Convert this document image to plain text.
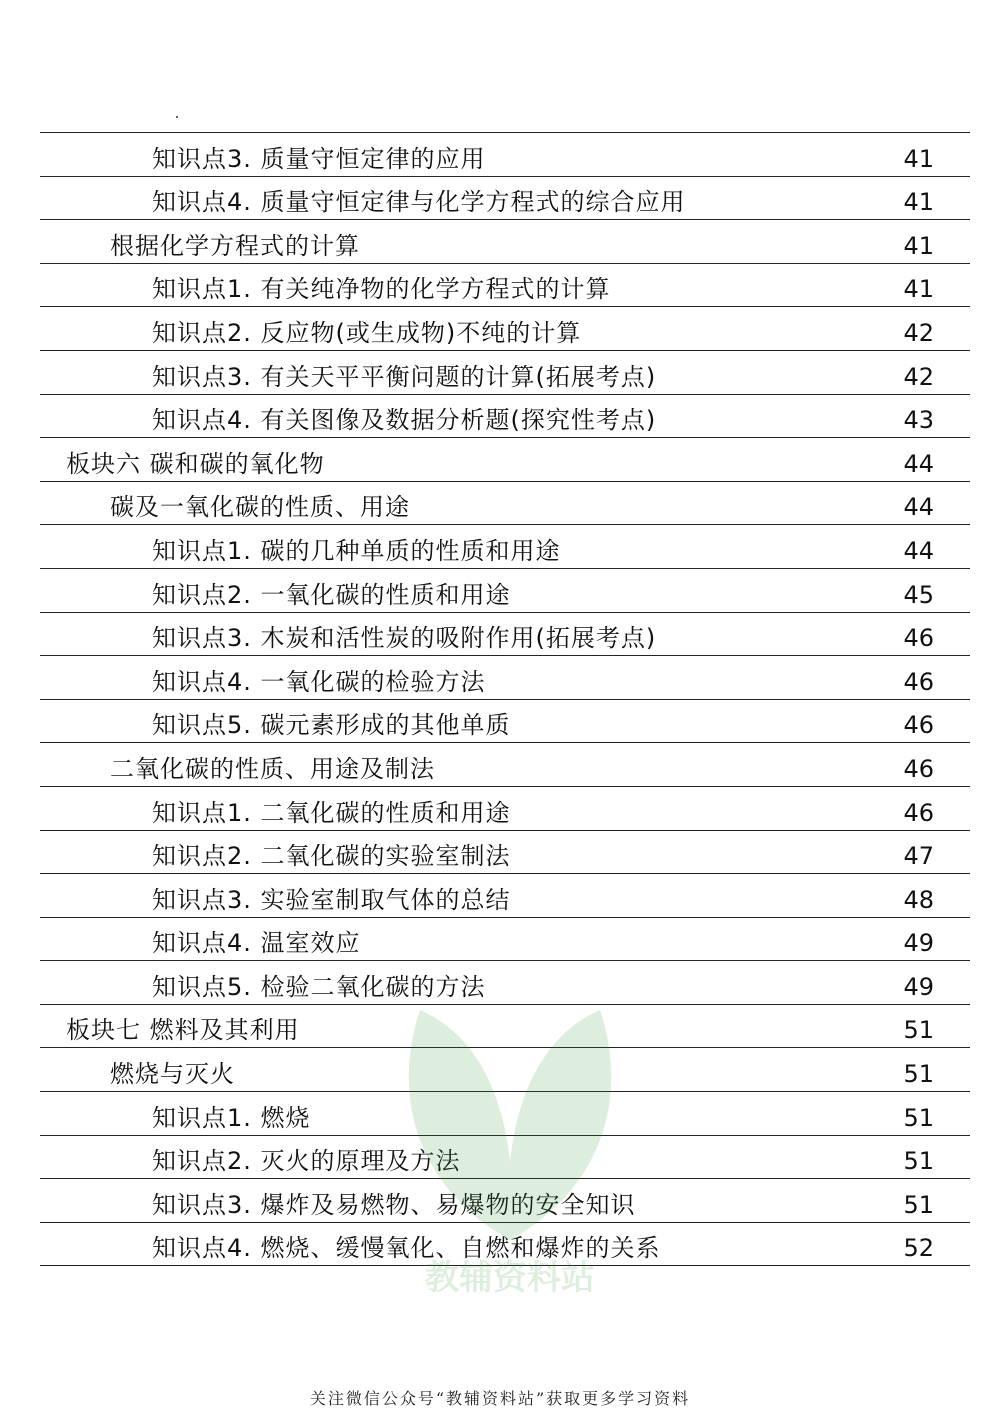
知识点3. 质量守恒定律的应用	41
知识点4. 质量守恒定律与化学方程式的综合应用	41
根据化学方程式的计算	41
知识点1. 有关纯净物的化学方程式的计算	41
知识点2. 反应物(或生成物)不纯的计算	42
知识点3. 有关天平平衡问题的计算(拓展考点)	42
知识点4. 有关图像及数据分析题(探究性考点)	43
板块六 碳和碳的氧化物	44
碳及一氧化碳的性质、用途	44
知识点1. 碳的几种单质的性质和用途	44
知识点2. 一氧化碳的性质和用途	45
知识点3. 木炭和活性炭的吸附作用(拓展考点)	46
知识点4. 一氧化碳的检验方法	46
知识点5. 碳元素形成的其他单质	46
二氧化碳的性质、用途及制法	46
知识点1. 二氧化碳的性质和用途	46
知识点2. 二氧化碳的实验室制法	47
知识点3. 实验室制取气体的总结	48
知识点4. 温室效应	49
知识点5. 检验二氧化碳的方法	49
板块七 燃料及其利用	51
燃烧与灭火	51
知识点1. 燃烧	51
知识点2. 灭火的原理及方法	51
知识点3. 爆炸及易燃物、易爆物的安全知识	51
知识点4. 燃烧、缓慢氧化、自燃和爆炸的关系	52
教辅资料站
关注微信公众号“教辅资料站”获取更多学习资料
